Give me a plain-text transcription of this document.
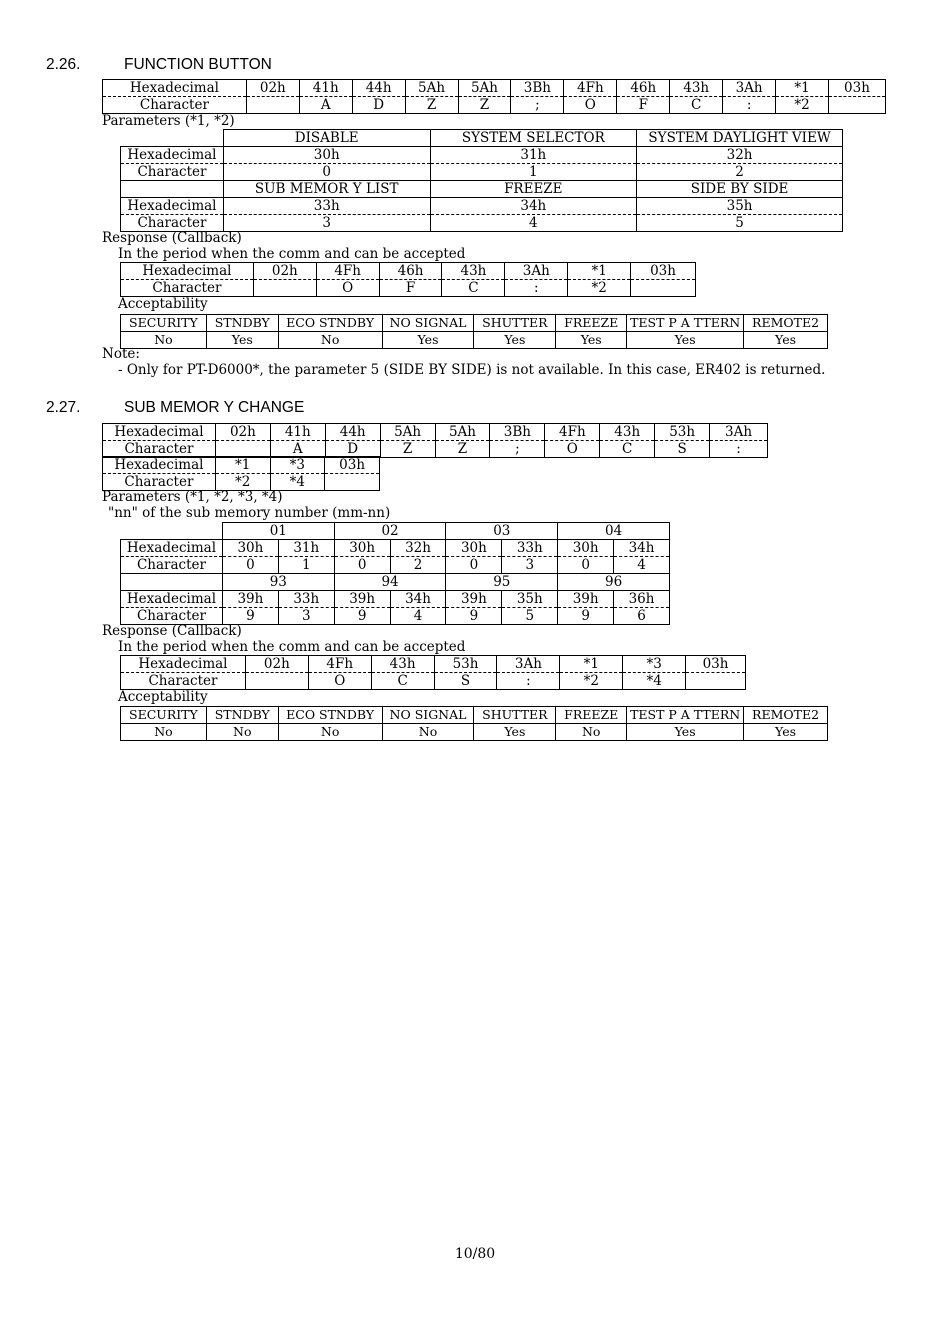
2.26.	FUNCTION BUTTON
Hexadecimal	02h	41h	44h	5Ah	5Ah	3Bh	4Fh	46h	43h	3Ah	*1	03h
Character		A	D	Z	Z	;	O	F	C	:	*2	
Parameters (*1, *2)
	DISABLE	SYSTEM SELECTOR	SYSTEM DAYLIGHT VIEW
Hexadecimal	30h	31h	32h
Character	0	1	2
	SUB MEMOR Y LIST	FREEZE	SIDE BY SIDE
Hexadecimal	33h	34h	35h
Character	3	4	5
Response (Callback)
In the period when the comm and can be accepted
Hexadecimal	02h	4Fh	46h	43h	3Ah	*1	03h
Character		O	F	C	:	*2	
Acceptability
SECURITY	STNDBY	ECO STNDBY	NO SIGNAL	SHUTTER	FREEZE	TEST P A TTERN	REMOTE2
No	Yes	No	Yes	Yes	Yes	Yes	Yes
Note:
- Only for PT-D6000*, the parameter 5 (SIDE BY SIDE) is not available. In this case, ER402 is returned.
2.27.	SUB MEMOR Y CHANGE
Hexadecimal	02h	41h	44h	5Ah	5Ah	3Bh	4Fh	43h	53h	3Ah
Character		A	D	Z	Z	;	O	C	S	:
Hexadecimal	*1	*3	03h
Character	*2	*4	
Parameters (*1, *2, *3, *4)
"nn" of the sub memory number (mm-nn)
	01		02		03		04	
Hexadecimal	30h	31h	30h	32h	30h	33h	30h	34h
Character	0	1	0	2	0	3	0	4
	93		94		95		96	
Hexadecimal	39h	33h	39h	34h	39h	35h	39h	36h
Character	9	3	9	4	9	5	9	6
Response (Callback)
In the period when the comm and can be accepted
Hexadecimal	02h	4Fh	43h	53h	3Ah	*1	*3	03h
Character		O	C	S	:	*2	*4	
Acceptability
SECURITY	STNDBY	ECO STNDBY	NO SIGNAL	SHUTTER	FREEZE	TEST P A TTERN	REMOTE2
No	No	No	No	Yes	No	Yes	Yes
10/80
